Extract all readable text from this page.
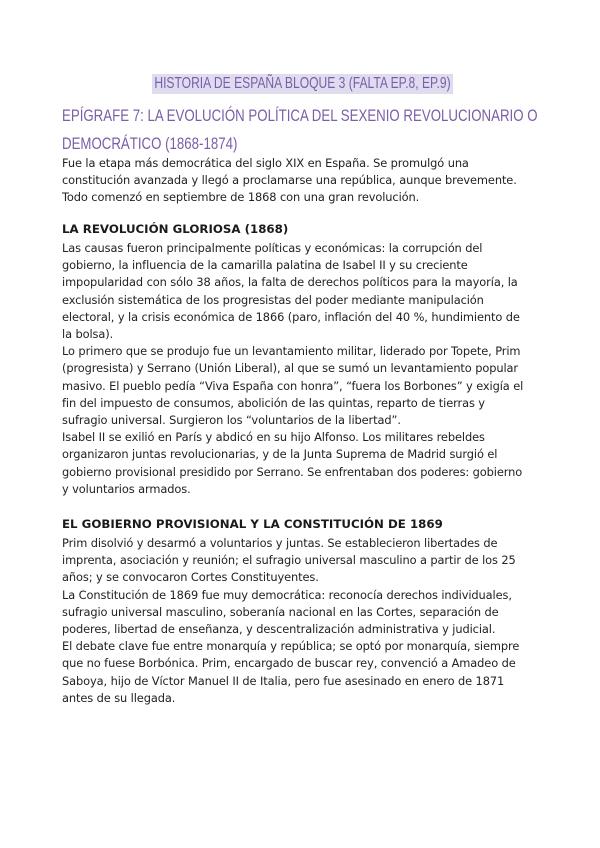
HISTORIA DE ESPAÑA BLOQUE 3 (FALTA EP.8, EP.9)
EPÍGRAFE 7: LA EVOLUCIÓN POLÍTICA DEL SEXENIO REVOLUCIONARIO O DEMOCRÁTICO (1868-1874)
Fue la etapa más democrática del siglo XIX en España. Se promulgó una constitución avanzada y llegó a proclamarse una república, aunque brevemente. Todo comenzó en septiembre de 1868 con una gran revolución.
LA REVOLUCIÓN GLORIOSA (1868)

Las causas fueron principalmente políticas y económicas: la corrupción del gobierno, la influencia de la camarilla palatina de Isabel II y su creciente impopularidad con sólo 38 años, la falta de derechos políticos para la mayoría, la exclusión sistemática de los progresistas del poder mediante manipulación electoral, y la crisis económica de 1866 (paro, inflación del 40 %, hundimiento de la bolsa).

Lo primero que se produjo fue un levantamiento militar, liderado por Topete, Prim (progresista) y Serrano (Unión Liberal), al que se sumó un levantamiento popular masivo. El pueblo pedía “Viva España con honra”, “fuera los Borbones” y exigía el fin del impuesto de consumos, abolición de las quintas, reparto de tierras y sufragio universal. Surgieron los “voluntarios de la libertad”.

Isabel II se exilió en París y abdicó en su hijo Alfonso. Los militares rebeldes organizaron juntas revolucionarias, y de la Junta Suprema de Madrid surgió el gobierno provisional presidido por Serrano. Se enfrentaban dos poderes: gobierno y voluntarios armados.

EL GOBIERNO PROVISIONAL Y LA CONSTITUCIÓN DE 1869

Prim disolvió y desarmó a voluntarios y juntas. Se establecieron libertades de imprenta, asociación y reunión; el sufragio universal masculino a partir de los 25 años; y se convocaron Cortes Constituyentes.

La Constitución de 1869 fue muy democrática: reconocía derechos individuales, sufragio universal masculino, soberanía nacional en las Cortes, separación de poderes, libertad de enseñanza, y descentralización administrativa y judicial.

El debate clave fue entre monarquía y república; se optó por monarquía, siempre que no fuese Borbónica. Prim, encargado de buscar rey, convenció a Amadeo de Saboya, hijo de Víctor Manuel II de Italia, pero fue asesinado en enero de 1871 antes de su llegada.
